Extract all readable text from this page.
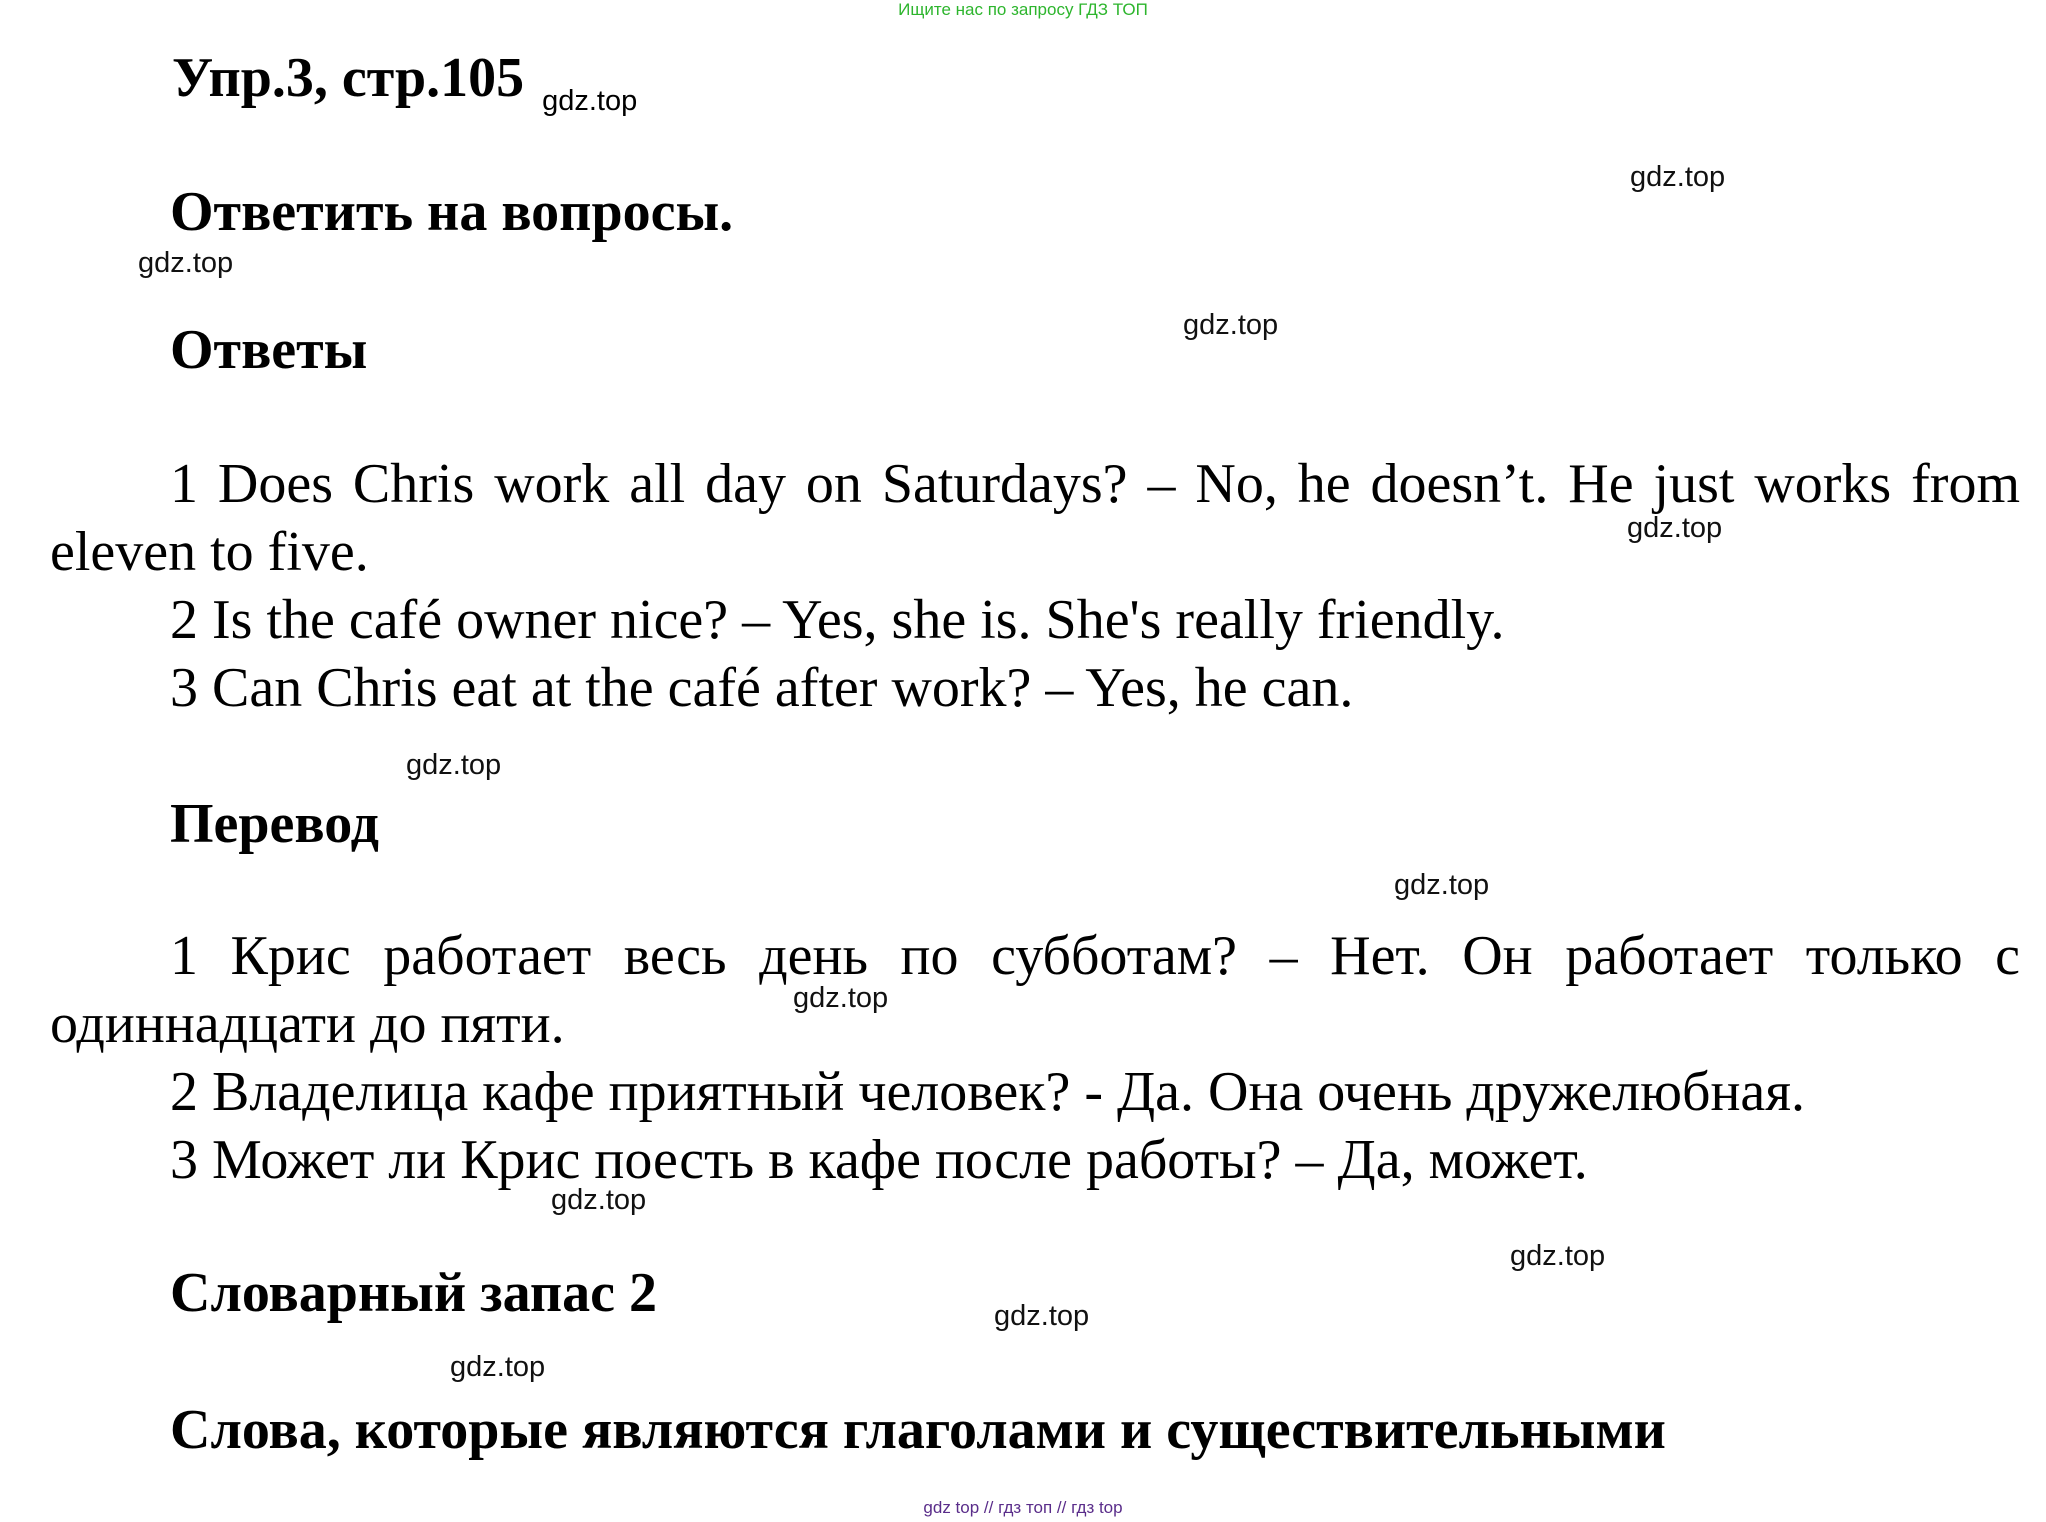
Ищите нас по запросу ГДЗ ТОП
Упр.3, стр.105 $_{gdz.top}$
gdz.top
Ответить на вопросы.
gdz.top
gdz.top
Ответы

1 Does Chris work all day on Saturdays? – No, he doesn’t. He just works from eleven to five.

2 Is the café owner nice? – Yes, she is. She's really friendly.

3 Can Chris eat at the café after work? – Yes, he can.

gdz.top
gdz.top
Перевод
gdz.top

1 Крис работает весь день по субботам? – Нет. Он работает только с одиннадцати до пяти.

2 Владелица кафе приятный человек? - Да. Она очень дружелюбная.

3 Может ли Крис поесть в кафе после работы? – Да, может.

gdz.top
gdz.top
gdz.top
Словарный запас 2	gdz.top
gdz.top
Слова, которые являются глаголами и существительными
gdz top // гдз топ // гдз top
